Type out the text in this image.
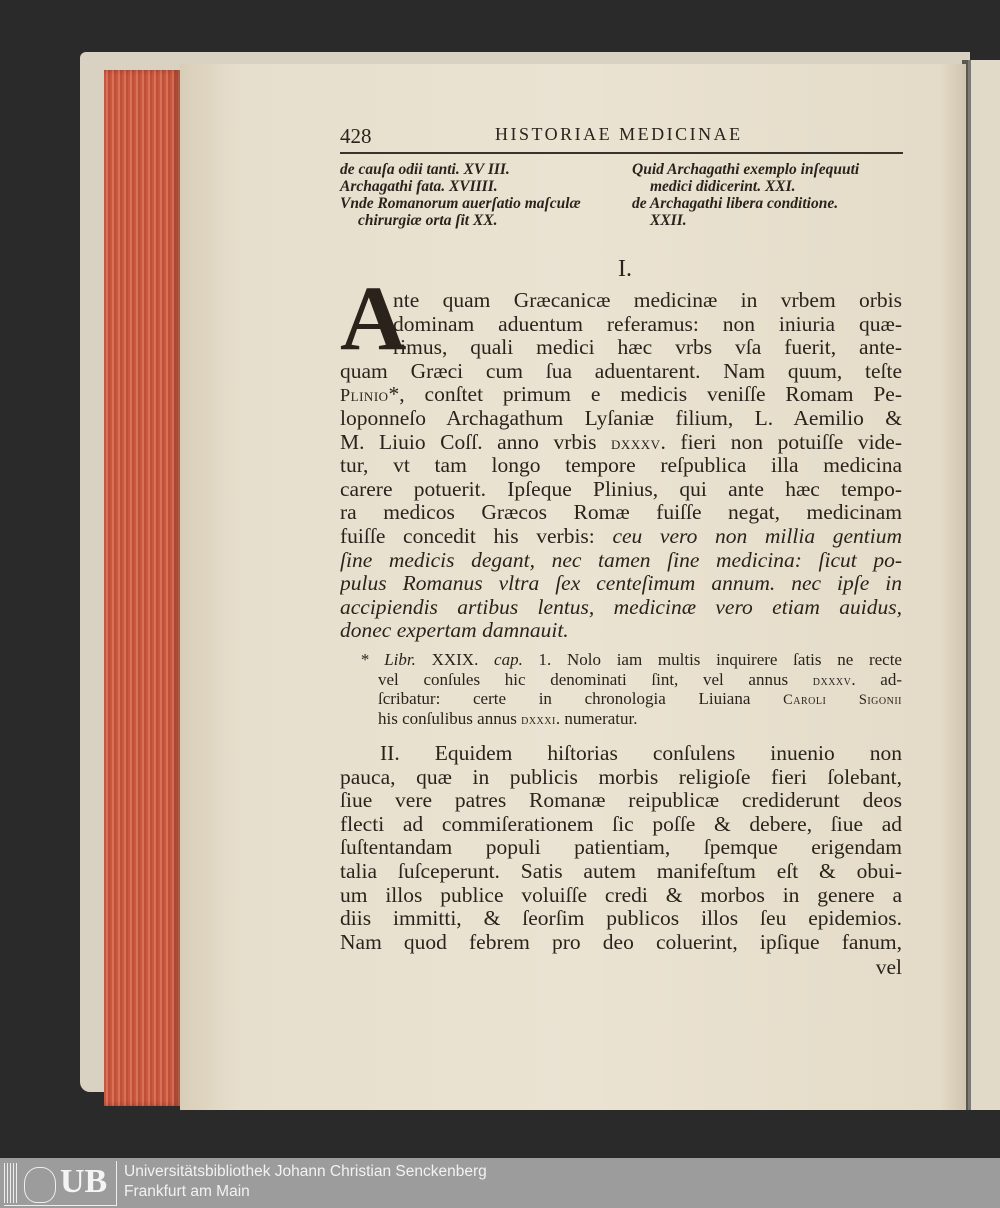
428	HISTORIAE MEDICINAE
de cauſa odii tanti. XV III.
Archagathi fata. XVIIII.
Vnde Romanorum auerſatio maſculæ
chirurgiæ orta ſit XX.
Quid Archagathi exemplo inſequuti
medici didicerint. XXI.
de Archagathi libera conditione.
XXII.
I.
A
nte quam Græcanicæ medicinæ in vrbem orbis
dominam aduentum referamus: non iniuria quæ-
rimus, quali medici hæc vrbs vſa fuerit, ante-
quam Græci cum ſua aduentarent. Nam quum, teſte
Plinio*, conſtet primum e medicis veniſſe Romam Pe-
loponneſo Archagathum Lyſaniæ filium, L. Aemilio &
M. Liuio Coſſ. anno vrbis dxxxv. fieri non potuiſſe vide-
tur, vt tam longo tempore reſpublica illa medicina
carere potuerit. Ipſeque Plinius, qui ante hæc tempo-
ra medicos Græcos Romæ fuiſſe negat, medicinam
fuiſſe concedit his verbis: ceu vero non millia gentium
ſine medicis degant, nec tamen ſine medicina: ſicut po-
pulus Romanus vltra ſex centeſimum annum. nec ipſe in
accipiendis artibus lentus, medicinæ vero etiam auidus,
donec expertam damnauit.
* Libr. XXIX. cap. 1. Nolo iam multis inquirere ſatis ne recte
vel conſules hic denominati ſint, vel annus dxxxv. ad-
ſcribatur: certe in chronologia Liuiana Caroli Sigonii
his conſulibus annus dxxxi. numeratur.
II. Equidem hiſtorias conſulens inuenio non
pauca, quæ in publicis morbis religioſe fieri ſolebant,
ſiue vere patres Romanæ reipublicæ crediderunt deos
flecti ad commiſerationem ſic poſſe & debere, ſiue ad
ſuſtentandam populi patientiam, ſpemque erigendam
talia ſuſceperunt. Satis autem manifeſtum eſt & obui-
um illos publice voluiſſe credi & morbos in genere a
diis immitti, & ſeorſim publicos illos ſeu epidemios.
Nam quod febrem pro deo coluerint, ipſique fanum,
vel
UB Universitätsbibliothek Johann Christian Senckenberg
Frankfurt am Main
